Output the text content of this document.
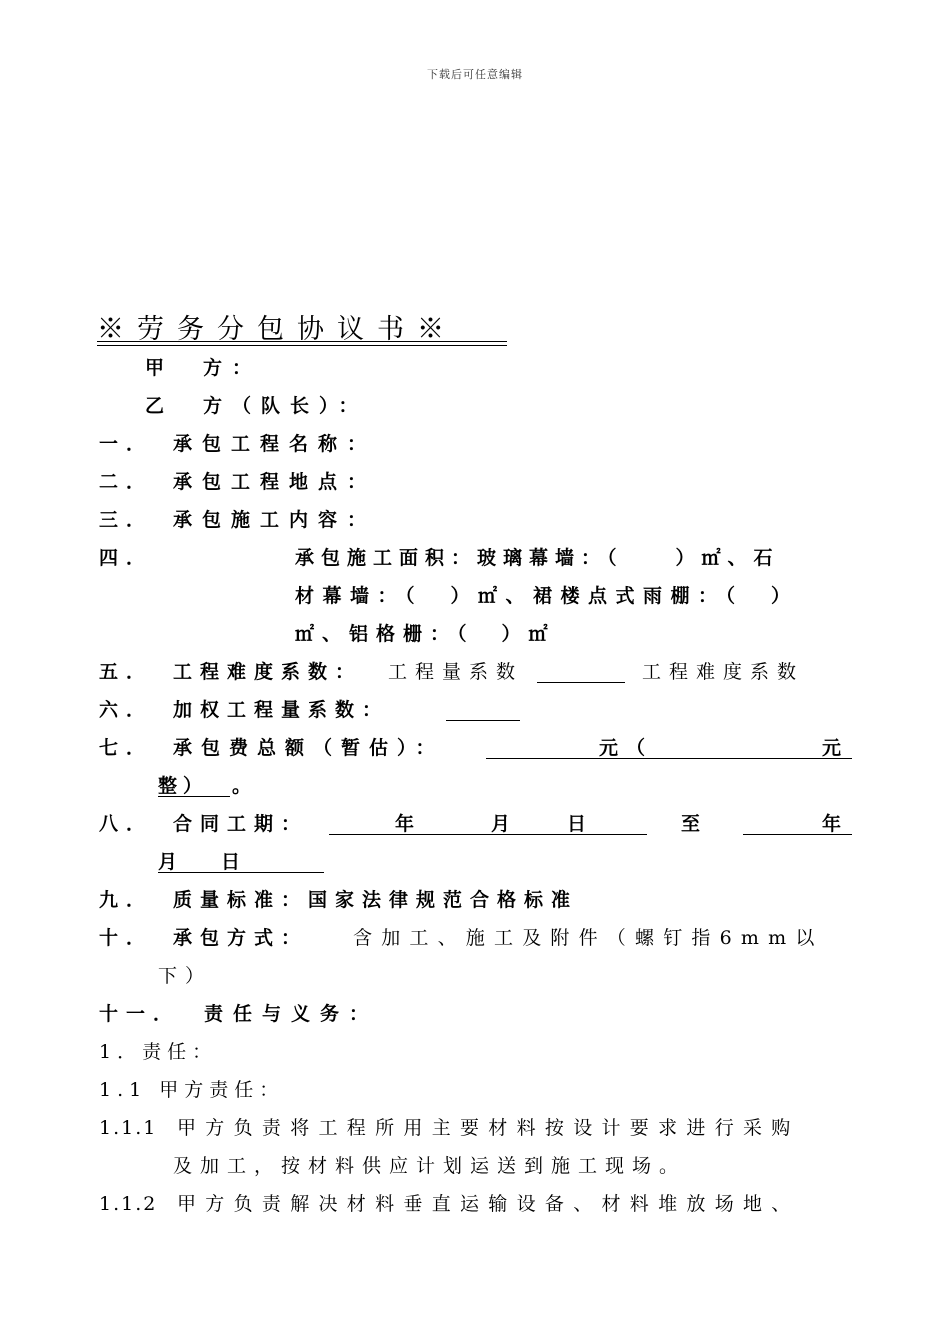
下载后可任意编辑
※劳务分包协议书※
甲　方：
乙　方（队长）：
一． 承包工程名称：
二． 承包工程地点：
三． 承包施工内容：
四．	承包施工面积：玻璃幕墙：（　　）㎡、石
材幕墙：（　）㎡、裙楼点式雨棚：（　）
㎡、铝格栅：（　）㎡
五． 工程难度系数： 工程量系数	工程难度系数
六． 加权工程量系数：
七． 承包费总额（暂估）：	元（	元
整） 。
八． 合同工期：	年	月	日	至	年
月 日
九． 质量标准：国家法律规范合格标准
十． 承包方式： 含加工、施工及附件（螺钉指6mm以
下）
十一． 责任与义务：
1．责任：
1.1 甲方责任：
1.1.1 甲方负责将工程所用主要材料按设计要求进行采购
及加工，按材料供应计划运送到施工现场。
1.1.2 甲方负责解决材料垂直运输设备、材料堆放场地、
